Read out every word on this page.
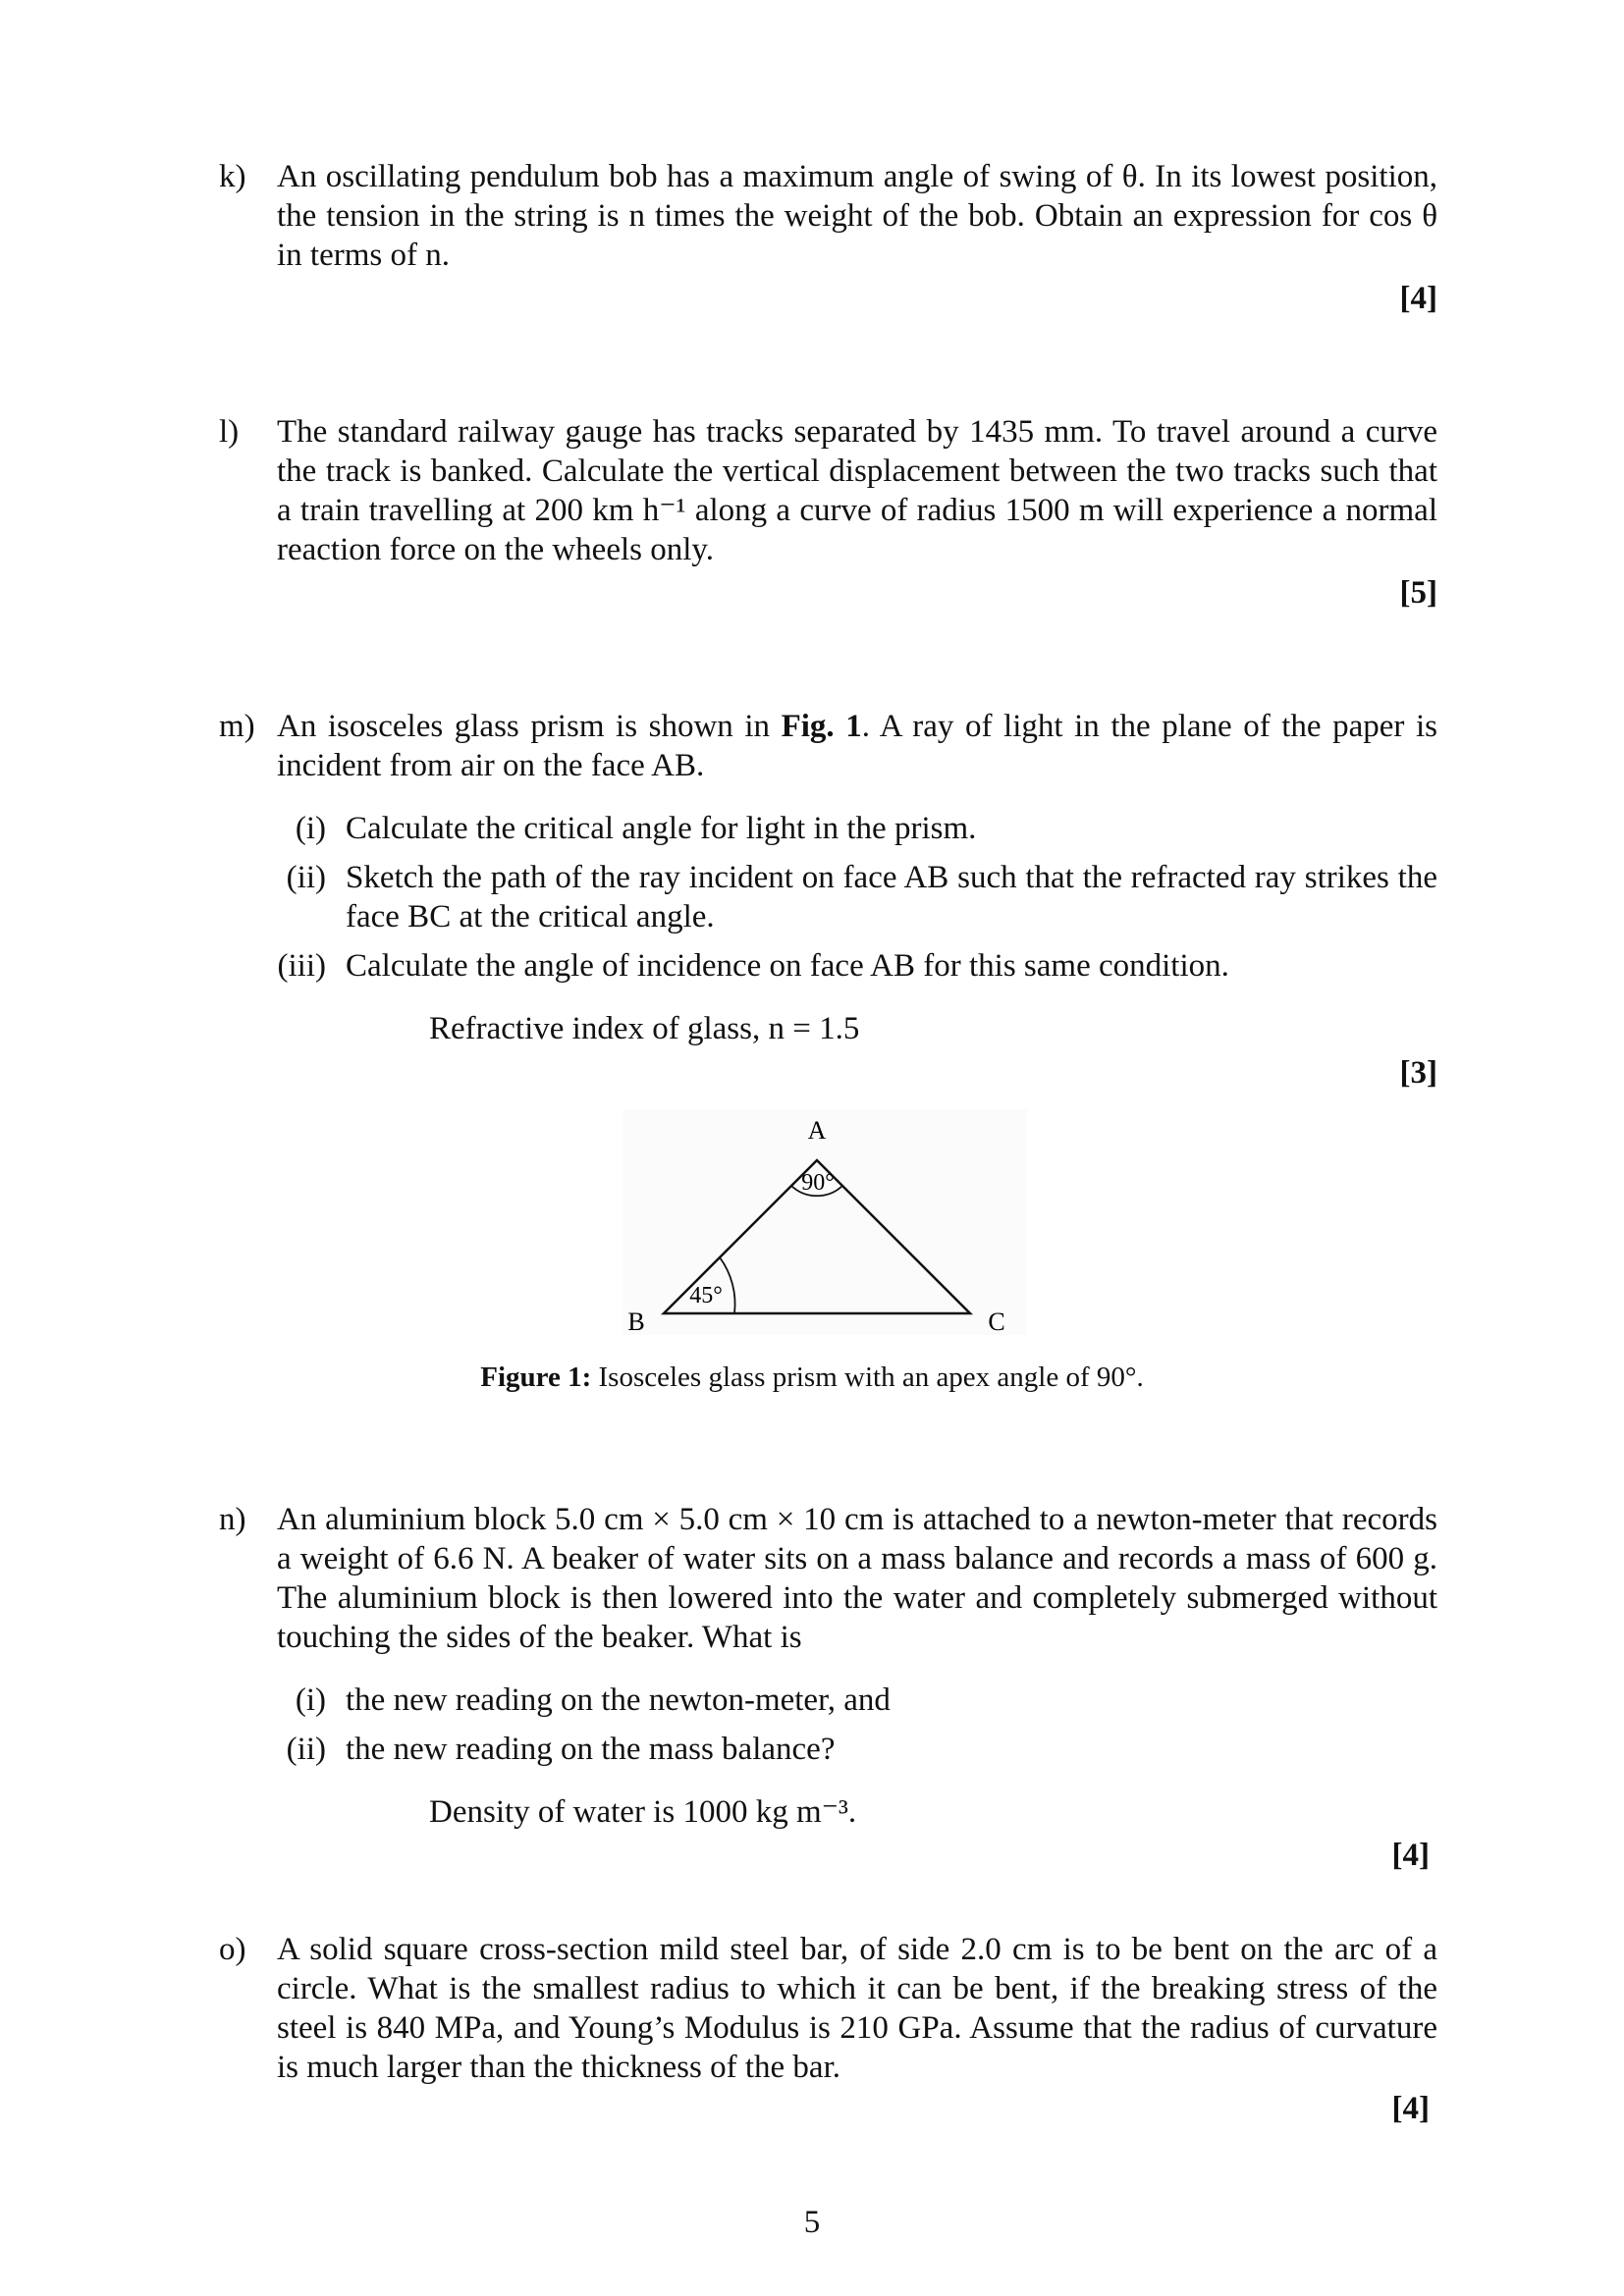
k) An oscillating pendulum bob has a maximum angle of swing of θ. In its lowest position, the tension in the string is n times the weight of the bob. Obtain an expression for cos θ in terms of n.
[4]
l)	The standard railway gauge has tracks separated by 1435 mm. To travel around a curve the track is banked. Calculate the vertical displacement between the two tracks such that a train travelling at 200 km h⁻¹ along a curve of radius 1500 m will experience a normal reaction force on the wheels only.
[5]
m) An isosceles glass prism is shown in Fig. 1. A ray of light in the plane of the paper is incident from air on the face AB.
(i) Calculate the critical angle for light in the prism.
(ii) Sketch the path of the ray incident on face AB such that the refracted ray strikes the face BC at the critical angle.
(iii) Calculate the angle of incidence on face AB for this same condition.
Refractive index of glass, n = 1.5
[3]
A
B	C
90°
45°
Figure 1: Isosceles glass prism with an apex angle of 90°.
n) An aluminium block 5.0 cm × 5.0 cm × 10 cm is attached to a newton-meter that records a weight of 6.6 N. A beaker of water sits on a mass balance and records a mass of 600 g. The aluminium block is then lowered into the water and completely submerged without touching the sides of the beaker. What is
(i) the new reading on the newton-meter, and
(ii) the new reading on the mass balance?
Density of water is 1000 kg m⁻³.
[4]
o) A solid square cross-section mild steel bar, of side 2.0 cm is to be bent on the arc of a circle. What is the smallest radius to which it can be bent, if the breaking stress of the steel is 840 MPa, and Young’s Modulus is 210 GPa. Assume that the radius of curvature is much larger than the thickness of the bar.
[4]
5
